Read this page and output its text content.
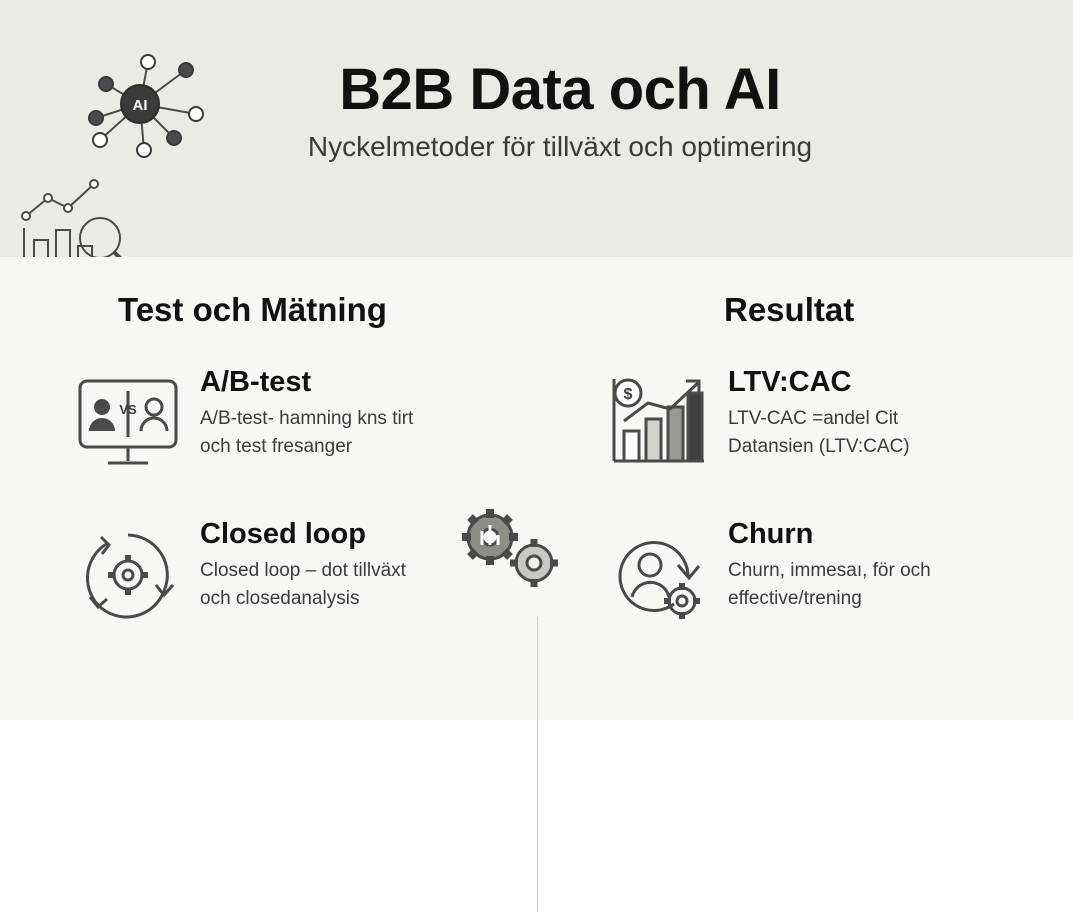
AI	B2B Data och AI

Nyckelmetoder för tillväxt och optimering

Test och Mätning	Resultat
VS
A/B-test

A/B-test- hamning kns tirt
och test fresanger

Closed loop

Closed loop – dot tillväxt
och closedanalysis

$	LTV:CAC

LTV-CAC =andel Cit
Datansien (LTV:CAC)

Churn

Churn, immesaı, för och
effective/trening
